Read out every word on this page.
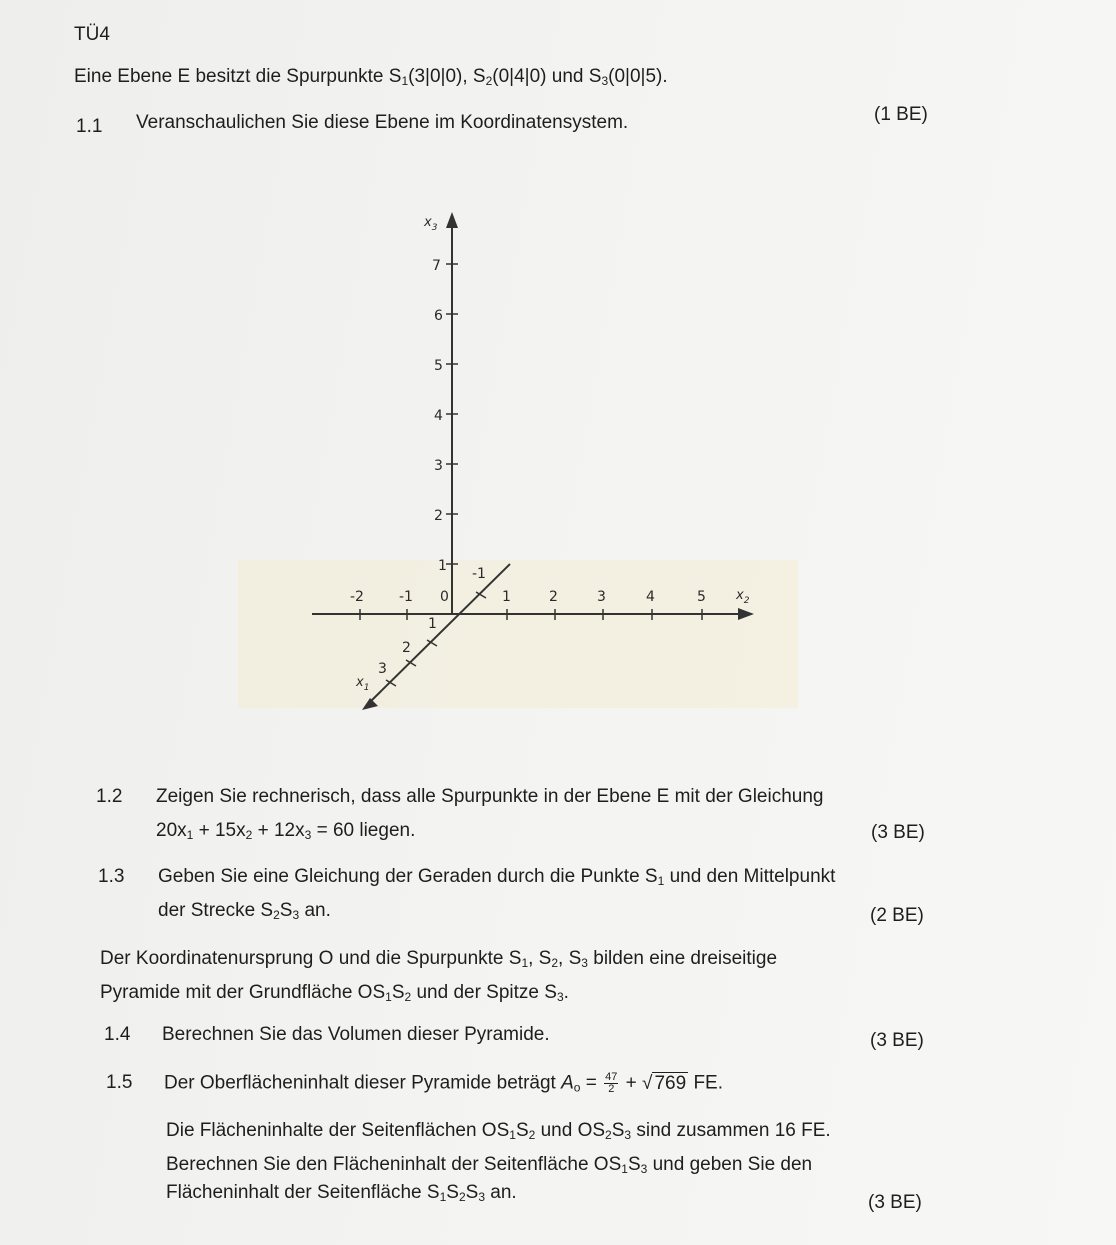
TÜ4
Eine Ebene E besitzt die Spurpunkte $S_1(3|0|0)$, $S_2(0|4|0)$ und $S_3(0|0|5)$.
1.1 Veranschaulichen Sie diese Ebene im Koordinatensystem.	(1 BE)
$x_3$
$x_2$
$x_1$
7
6
5
4
3
2
1
-2	-1 0	1	2	3	4	5
-1
1
2
3
1.2 Zeigen Sie rechnerisch, dass alle Spurpunkte in der Ebene E mit der Gleichung
$20x_1 + 15x_2 + 12x_3 = 60$ liegen.	(3 BE)
1.3 Geben Sie eine Gleichung der Geraden durch die Punkte $S_1$ und den Mittelpunkt
der Strecke $S_2S_3$ an.	(2 BE)
Der Koordinatenursprung O und die Spurpunkte $S_1$, $S_2$, $S_3$ bilden eine dreiseitige
Pyramide mit der Grundfläche $OS_1S_2$ und der Spitze $S_3$.
1.4 Berechnen Sie das Volumen dieser Pyramide.	(3 BE)
1.5 Der Oberflächeninhalt dieser Pyramide beträgt $A_o = \frac{47}{2}$ + √ 769 FE.
Die Flächeninhalte der Seitenflächen $OS_1S_2$ und $OS_2S_3$ sind zusammen 16 FE.
Berechnen Sie den Flächeninhalt der Seitenfläche $OS_1S_3$ und geben Sie den
Flächeninhalt der Seitenfläche $S_1S_2S_3$ an.	(3 BE)
